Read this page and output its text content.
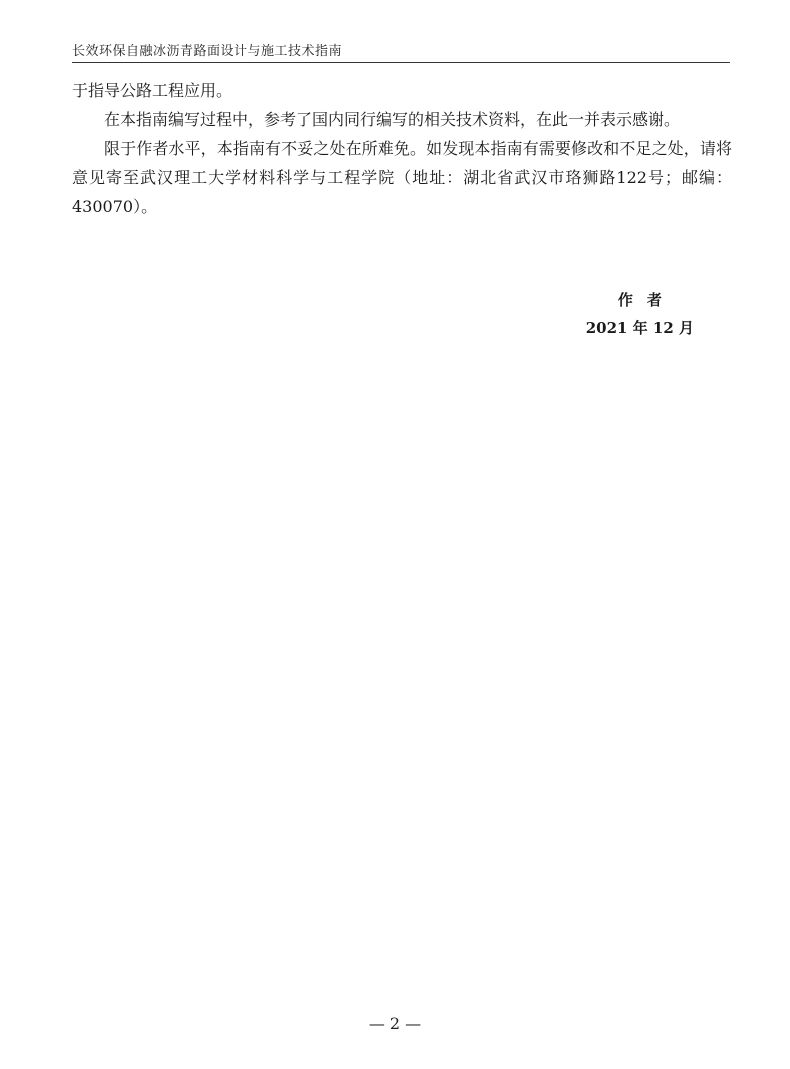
长效环保自融冰沥青路面设计与施工技术指南

于指导公路工程应用。

在本指南编写过程中，参考了国内同行编写的相关技术资料，在此一并表示感谢。

限于作者水平，本指南有不妥之处在所难免。如发现本指南有需要修改和不足之处，请将意见寄至武汉理工大学材料科学与工程学院（地址：湖北省武汉市珞狮路122号；邮编：430070）。

作者
2021 年 12 月
— 2 —
